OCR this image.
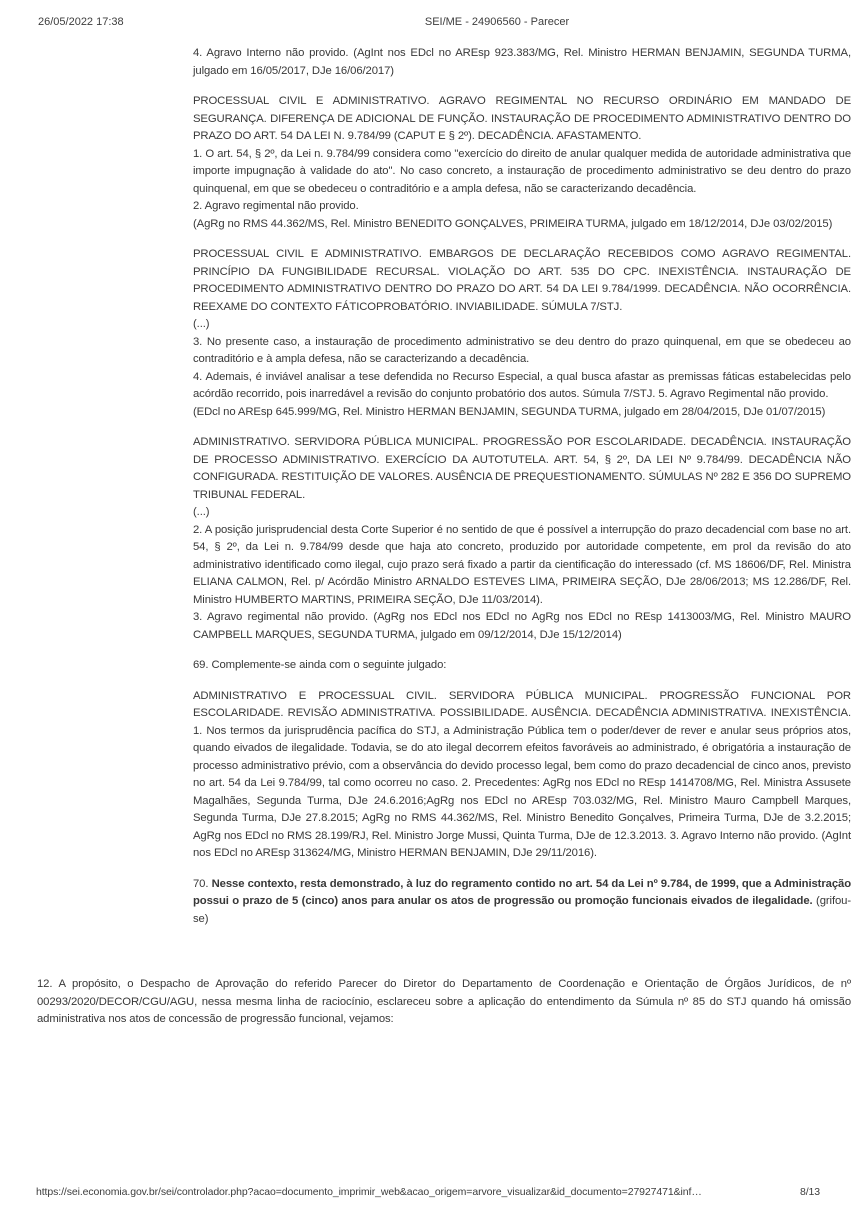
26/05/2022 17:38	SEI/ME - 24906560 - Parecer

4. Agravo Interno não provido. (AgInt nos EDcl no AREsp 923.383/MG, Rel. Ministro HERMAN BENJAMIN, SEGUNDA TURMA, julgado em 16/05/2017, DJe 16/06/2017)

PROCESSUAL CIVIL E ADMINISTRATIVO. AGRAVO REGIMENTAL NO RECURSO ORDINÁRIO EM MANDADO DE SEGURANÇA. DIFERENÇA DE ADICIONAL DE FUNÇÃO. INSTAURAÇÃO DE PROCEDIMENTO ADMINISTRATIVO DENTRO DO PRAZO DO ART. 54 DA LEI N. 9.784/99 (CAPUT E § 2º). DECADÊNCIA. AFASTAMENTO.

1. O art. 54, § 2º, da Lei n. 9.784/99 considera como "exercício do direito de anular qualquer medida de autoridade administrativa que importe impugnação à validade do ato". No caso concreto, a instauração de procedimento administrativo se deu dentro do prazo quinquenal, em que se obedeceu o contraditório e a ampla defesa, não se caracterizando decadência.

2. Agravo regimental não provido.

(AgRg no RMS 44.362/MS, Rel. Ministro BENEDITO GONÇALVES, PRIMEIRA TURMA, julgado em 18/12/2014, DJe 03/02/2015)

PROCESSUAL CIVIL E ADMINISTRATIVO. EMBARGOS DE DECLARAÇÃO RECEBIDOS COMO AGRAVO REGIMENTAL. PRINCÍPIO DA FUNGIBILIDADE RECURSAL. VIOLAÇÃO DO ART. 535 DO CPC. INEXISTÊNCIA. INSTAURAÇÃO DE PROCEDIMENTO ADMINISTRATIVO DENTRO DO PRAZO DO ART. 54 DA LEI 9.784/1999. DECADÊNCIA. NÃO OCORRÊNCIA. REEXAME DO CONTEXTO FÁTICOPROBATÓRIO. INVIABILIDADE. SÚMULA 7/STJ.

(...)

3. No presente caso, a instauração de procedimento administrativo se deu dentro do prazo quinquenal, em que se obedeceu ao contraditório e à ampla defesa, não se caracterizando a decadência.

4. Ademais, é inviável analisar a tese defendida no Recurso Especial, a qual busca afastar as premissas fáticas estabelecidas pelo acórdão recorrido, pois inarredável a revisão do conjunto probatório dos autos. Súmula 7/STJ. 5. Agravo Regimental não provido.

(EDcl no AREsp 645.999/MG, Rel. Ministro HERMAN BENJAMIN, SEGUNDA TURMA, julgado em 28/04/2015, DJe 01/07/2015)

ADMINISTRATIVO. SERVIDORA PÚBLICA MUNICIPAL. PROGRESSÃO POR ESCOLARIDADE. DECADÊNCIA. INSTAURAÇÃO DE PROCESSO ADMINISTRATIVO. EXERCÍCIO DA AUTOTUTELA. ART. 54, § 2º, DA LEI Nº 9.784/99. DECADÊNCIA NÃO CONFIGURADA. RESTITUIÇÃO DE VALORES. AUSÊNCIA DE PREQUESTIONAMENTO. SÚMULAS Nº 282 E 356 DO SUPREMO TRIBUNAL FEDERAL.

(...)

2. A posição jurisprudencial desta Corte Superior é no sentido de que é possível a interrupção do prazo decadencial com base no art. 54, § 2º, da Lei n. 9.784/99 desde que haja ato concreto, produzido por autoridade competente, em prol da revisão do ato administrativo identificado como ilegal, cujo prazo será fixado a partir da cientificação do interessado (cf. MS 18606/DF, Rel. Ministra ELIANA CALMON, Rel. p/ Acórdão Ministro ARNALDO ESTEVES LIMA, PRIMEIRA SEÇÃO, DJe 28/06/2013; MS 12.286/DF, Rel. Ministro HUMBERTO MARTINS, PRIMEIRA SEÇÃO, DJe 11/03/2014).

3. Agravo regimental não provido. (AgRg nos EDcl nos EDcl no AgRg nos EDcl no REsp 1413003/MG, Rel. Ministro MAURO CAMPBELL MARQUES, SEGUNDA TURMA, julgado em 09/12/2014, DJe 15/12/2014)

69. Complemente-se ainda com o seguinte julgado:

ADMINISTRATIVO E PROCESSUAL CIVIL. SERVIDORA PÚBLICA MUNICIPAL. PROGRESSÃO FUNCIONAL POR ESCOLARIDADE. REVISÃO ADMINISTRATIVA. POSSIBILIDADE. AUSÊNCIA. DECADÊNCIA ADMINISTRATIVA. INEXISTÊNCIA. 1. Nos termos da jurisprudência pacífica do STJ, a Administração Pública tem o poder/dever de rever e anular seus próprios atos, quando eivados de ilegalidade. Todavia, se do ato ilegal decorrem efeitos favoráveis ao administrado, é obrigatória a instauração de processo administrativo prévio, com a observância do devido processo legal, bem como do prazo decadencial de cinco anos, previsto no art. 54 da Lei 9.784/99, tal como ocorreu no caso. 2. Precedentes: AgRg nos EDcl no REsp 1414708/MG, Rel. Ministra Assusete Magalhães, Segunda Turma, DJe 24.6.2016;AgRg nos EDcl no AREsp 703.032/MG, Rel. Ministro Mauro Campbell Marques, Segunda Turma, DJe 27.8.2015; AgRg no RMS 44.362/MS, Rel. Ministro Benedito Gonçalves, Primeira Turma, DJe de 3.2.2015; AgRg nos EDcl no RMS 28.199/RJ, Rel. Ministro Jorge Mussi, Quinta Turma, DJe de 12.3.2013. 3. Agravo Interno não provido. (AgInt nos EDcl no AREsp 313624/MG, Ministro HERMAN BENJAMIN, DJe 29/11/2016).

70. Nesse contexto, resta demonstrado, à luz do regramento contido no art. 54 da Lei nº 9.784, de 1999, que a Administração possui o prazo de 5 (cinco) anos para anular os atos de progressão ou promoção funcionais eivados de ilegalidade. (grifou-se)

12. A propósito, o Despacho de Aprovação do referido Parecer do Diretor do Departamento de Coordenação e Orientação de Órgãos Jurídicos, de nº 00293/2020/DECOR/CGU/AGU, nessa mesma linha de raciocínio, esclareceu sobre a aplicação do entendimento da Súmula nº 85 do STJ quando há omissão administrativa nos atos de concessão de progressão funcional, vejamos:

https://sei.economia.gov.br/sei/controlador.php?acao=documento_imprimir_web&acao_origem=arvore_visualizar&id_documento=27927471&inf…	8/13
